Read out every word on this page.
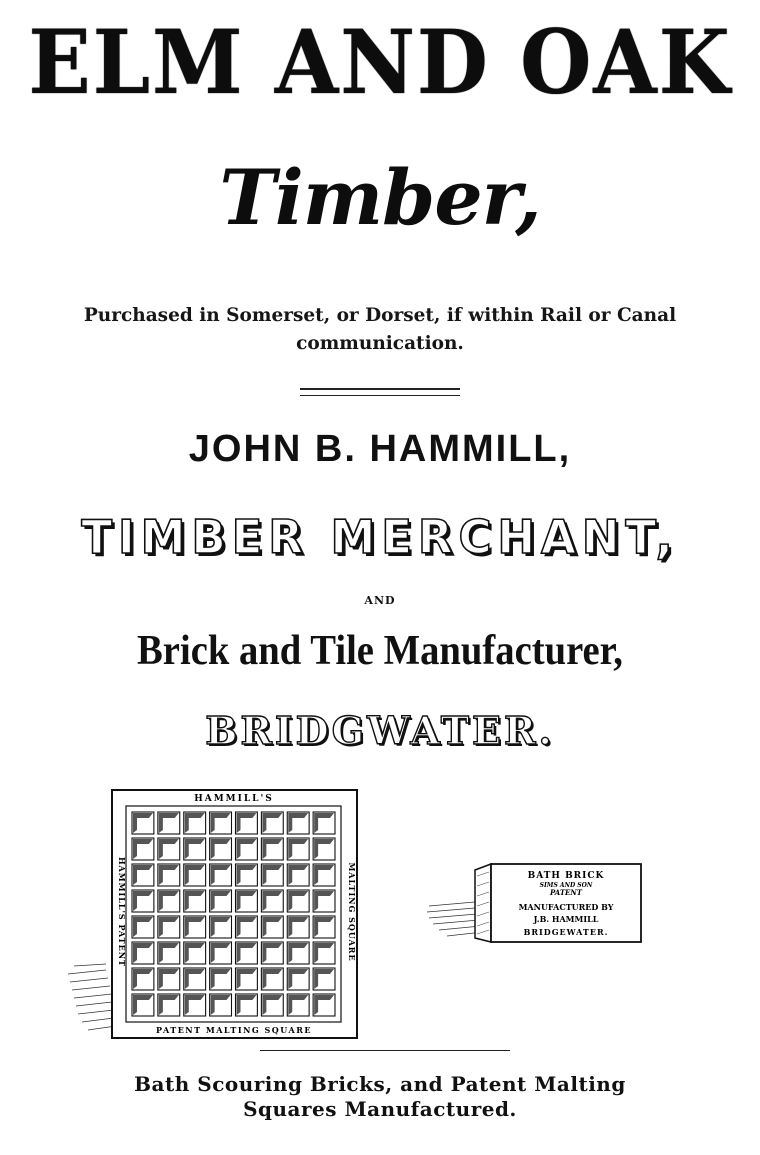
ELM AND OAK
Timber,
Purchased in Somerset, or Dorset, if within Rail or Canal communication.
JOHN B. HAMMILL,
TIMBER MERCHANT,
AND
Brick and Tile Manufacturer,
BRIDGWATER.
HAMMILL'S
HAMMILL'S PATENT	MALTING SQUARE
PATENT MALTING SQUARE
BATH BRICK
SIMS AND SON
PATENT
MANUFACTURED BY
J.B. HAMMILL
BRIDGEWATER.
Bath Scouring Bricks, and Patent Malting
Squares Manufactured.
